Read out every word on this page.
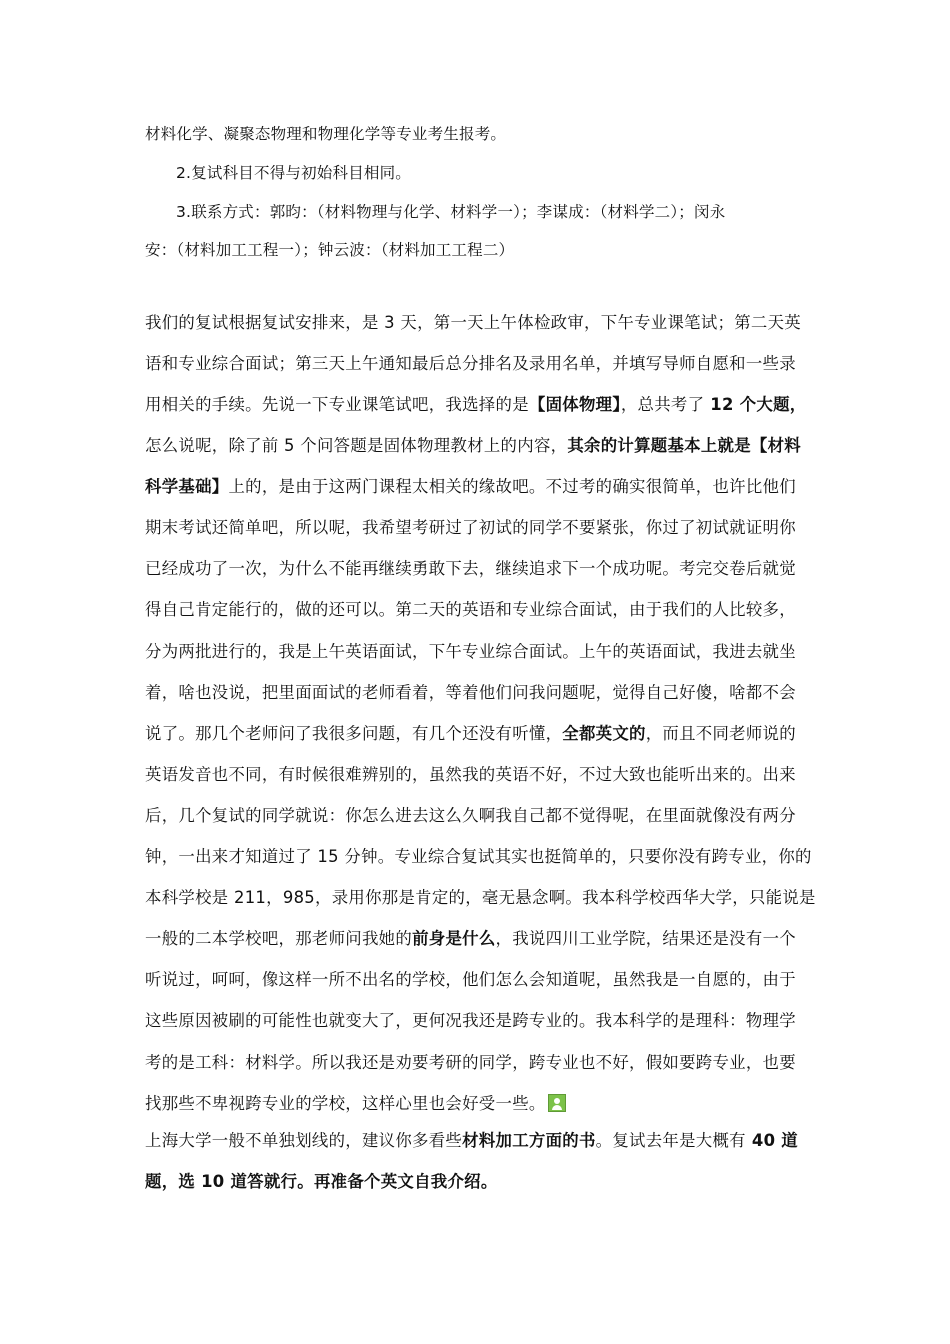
材料化学、凝聚态物理和物理化学等专业考生报考。
2.复试科目不得与初始科目相同。
3.联系方式：郭昀：（材料物理与化学、材料学一）；李谋成：（材料学二）；闵永
安：（材料加工工程一）；钟云波：（材料加工工程二）
我们的复试根据复试安排来，是 3 天，第一天上午体检政审，下午专业课笔试；第二天英
语和专业综合面试；第三天上午通知最后总分排名及录用名单，并填写导师自愿和一些录
用相关的手续。先说一下专业课笔试吧，我选择的是【固体物理】，总共考了 12 个大题，
怎么说呢，除了前 5 个问答题是固体物理教材上的内容，其余的计算题基本上就是【材料
科学基础】上的，是由于这两门课程太相关的缘故吧。不过考的确实很简单，也许比他们
期末考试还简单吧，所以呢，我希望考研过了初试的同学不要紧张，你过了初试就证明你
已经成功了一次，为什么不能再继续勇敢下去，继续追求下一个成功呢。考完交卷后就觉
得自己肯定能行的，做的还可以。第二天的英语和专业综合面试，由于我们的人比较多，
分为两批进行的，我是上午英语面试，下午专业综合面试。上午的英语面试，我进去就坐
着，啥也没说，把里面面试的老师看着，等着他们问我问题呢，觉得自己好傻，啥都不会
说了。那几个老师问了我很多问题，有几个还没有听懂，全都英文的，而且不同老师说的
英语发音也不同，有时候很难辨别的，虽然我的英语不好，不过大致也能听出来的。出来
后，几个复试的同学就说：你怎么进去这么久啊我自己都不觉得呢，在里面就像没有两分
钟，一出来才知道过了 15 分钟。专业综合复试其实也挺简单的，只要你没有跨专业，你的
本科学校是 211，985，录用你那是肯定的，毫无悬念啊。我本科学校西华大学，只能说是
一般的二本学校吧，那老师问我她的前身是什么，我说四川工业学院，结果还是没有一个
听说过，呵呵，像这样一所不出名的学校，他们怎么会知道呢，虽然我是一自愿的，由于
这些原因被刷的可能性也就变大了，更何况我还是跨专业的。我本科学的是理科：物理学
考的是工科：材料学。所以我还是劝要考研的同学，跨专业也不好，假如要跨专业，也要
找那些不卑视跨专业的学校，这样心里也会好受一些。
上海大学一般不单独划线的，建议你多看些材料加工方面的书。复试去年是大概有 40 道
题，选 10 道答就行。再准备个英文自我介绍。
